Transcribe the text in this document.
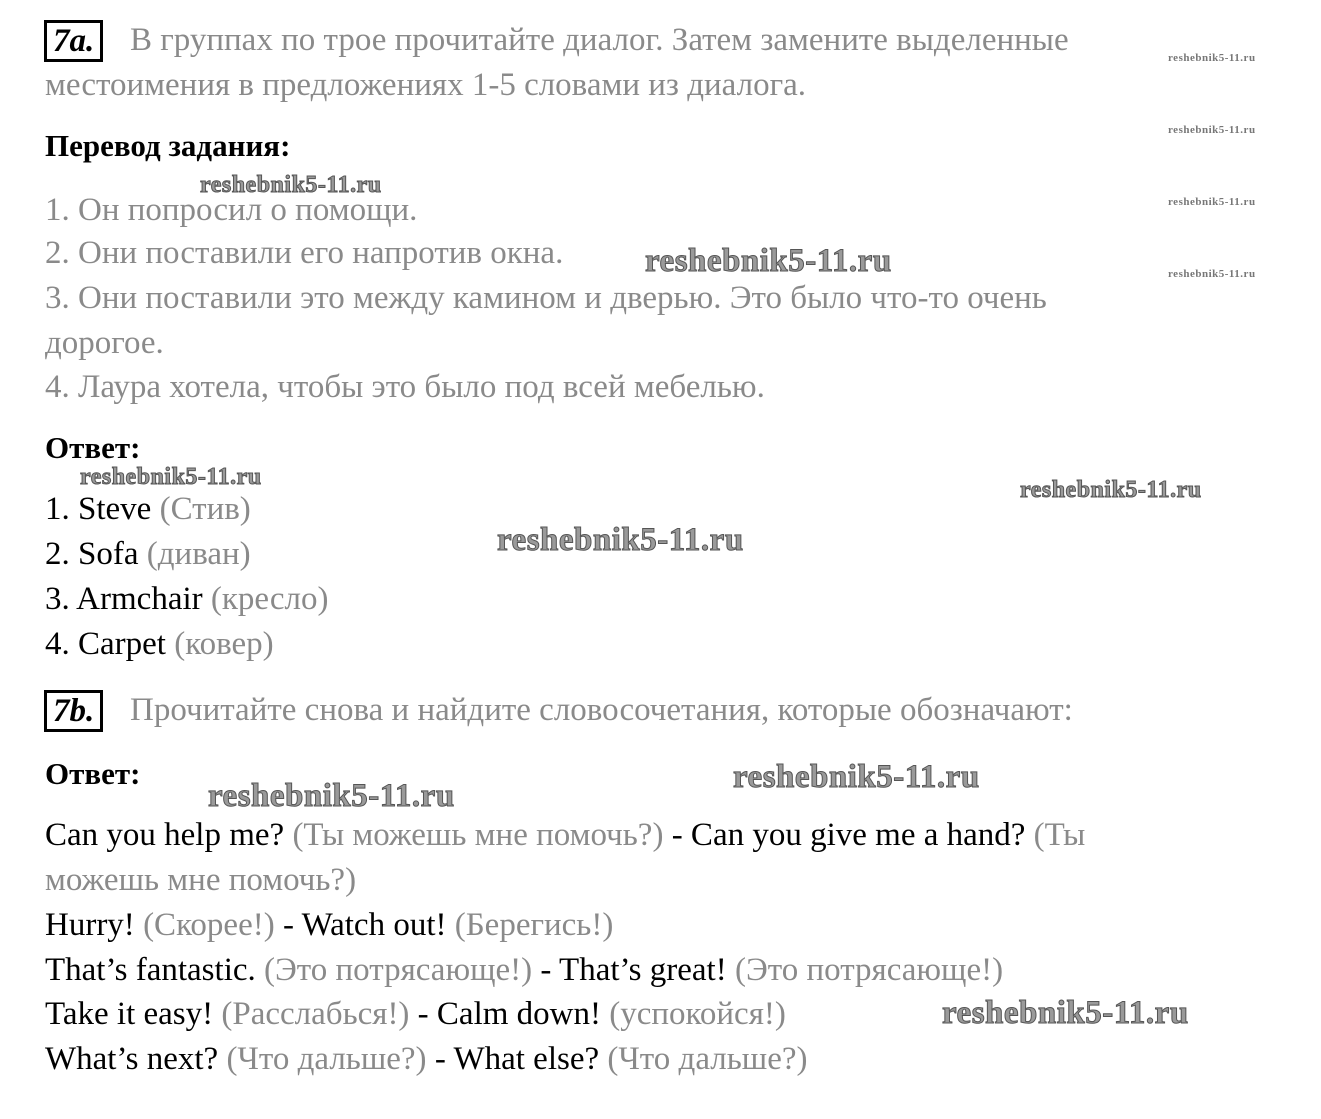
7a. В группах по трое прочитайте диалог. Затем замените выделенные
местоимения в предложениях 1-5 словами из диалога.
Перевод задания:
1. Он попросил о помощи.
2. Они поставили его напротив окна.
3. Они поставили это между камином и дверью. Это было что-то очень
дорогое.
4. Лаура хотела, чтобы это было под всей мебелью.
Ответ:
1. Steve (Стив)
2. Sofa (диван)
3. Armchair (кресло)
4. Carpet (ковер)
7b. Прочитайте снова и найдите словосочетания, которые обозначают:
Ответ:
Can you help me? (Ты можешь мне помочь?) - Can you give me a hand? (Ты
можешь мне помочь?)
Hurry! (Скорее!) - Watch out! (Берегись!)
That’s fantastic. (Это потрясающе!) - That’s great! (Это потрясающе!)
Take it easy! (Расслабься!) - Calm down! (успокойся!)
What’s next? (Что дальше?) - What else? (Что дальше?)
reshebnik5-11.ru
reshebnik5-11.ru
reshebnik5-11.ru
reshebnik5-11.ru
reshebnik5-11.ru
reshebnik5-11.ru
reshebnik5-11.ru	reshebnik5-11.ru
reshebnik5-11.ru
reshebnik5-11.ru
reshebnik5-11.ru
reshebnik5-11.ru
